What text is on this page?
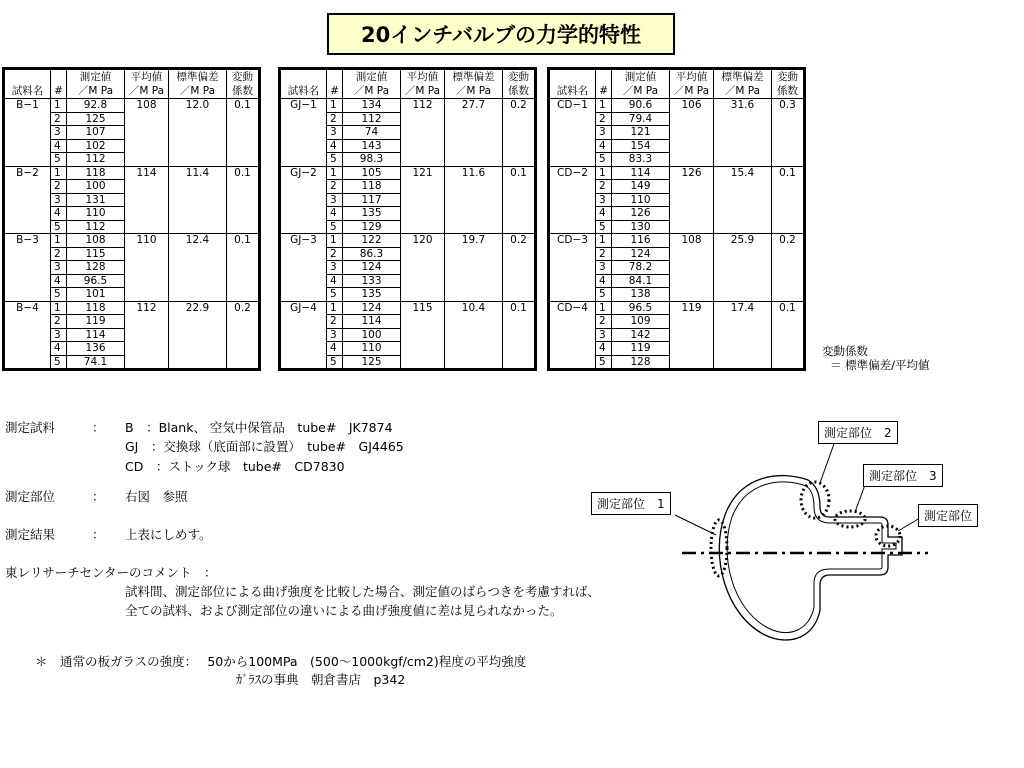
20インチバルブの力学的特性
		測定値	平均値	標準偏差	変動
試料名	#	／M Pa	／M Pa	／M Pa	係数
B−1	1	92.8	108	12.0	0.1
	2	125			
	3	107			
	4	102			
	5	112			
B−2	1	118	114	11.4	0.1
	2	100			
	3	131			
	4	110			
	5	112			
B−3	1	108	110	12.4	0.1
	2	115			
	3	128			
	4	96.5			
	5	101			
B−4	1	118	112	22.9	0.2
	2	119			
	3	114			
	4	136			
	5	74.1			
		測定値	平均値	標準偏差	変動
試料名	#	／M Pa	／M Pa	／M Pa	係数
GJ−1	1	134	112	27.7	0.2
	2	112			
	3	74			
	4	143			
	5	98.3			
GJ−2	1	105	121	11.6	0.1
	2	118			
	3	117			
	4	135			
	5	129			
GJ−3	1	122	120	19.7	0.2
	2	86.3			
	3	124			
	4	133			
	5	135			
GJ−4	1	124	115	10.4	0.1
	2	114			
	3	100			
	4	110			
	5	125			
		測定値	平均値	標準偏差	変動
試料名	#	／M Pa	／M Pa	／M Pa	係数
CD−1	1	90.6	106	31.6	0.3
	2	79.4			
	3	121			
	4	154			
	5	83.3			
CD−2	1	114	126	15.4	0.1
	2	149			
	3	110			
	4	126			
	5	130			
CD−3	1	116	108	25.9	0.2
	2	124			
	3	78.2			
	4	84.1			
	5	138			
CD−4	1	96.5	119	17.4	0.1
	2	109			
	3	142			
	4	119			
	5	128			
変動係数
＝ 標準偏差/平均値
測定試料	： B　：Blank、 空気中保管品　tube#　JK7874
GJ　：交換球（底面部に設置）　tube#　GJ4465
CD　：ストック球　tube#　CD7830
測定部位	： 右図　参照
測定結果	： 上表にしめす。
東レリサーチセンターのコメント　：
試料間、測定部位による曲げ強度を比較した場合、測定値のばらつきを考慮すれば、
全ての試料、および測定部位の違いによる曲げ強度値に差は見られなかった。
＊　通常の板ガラスの強度：　 50から100MPa　(500〜1000kgf/cm2)程度の平均強度
ｶﾞﾗｽの事典　朝倉書店　p342
測定部位　1
測定部位　2
測定部位　3
測定部位
